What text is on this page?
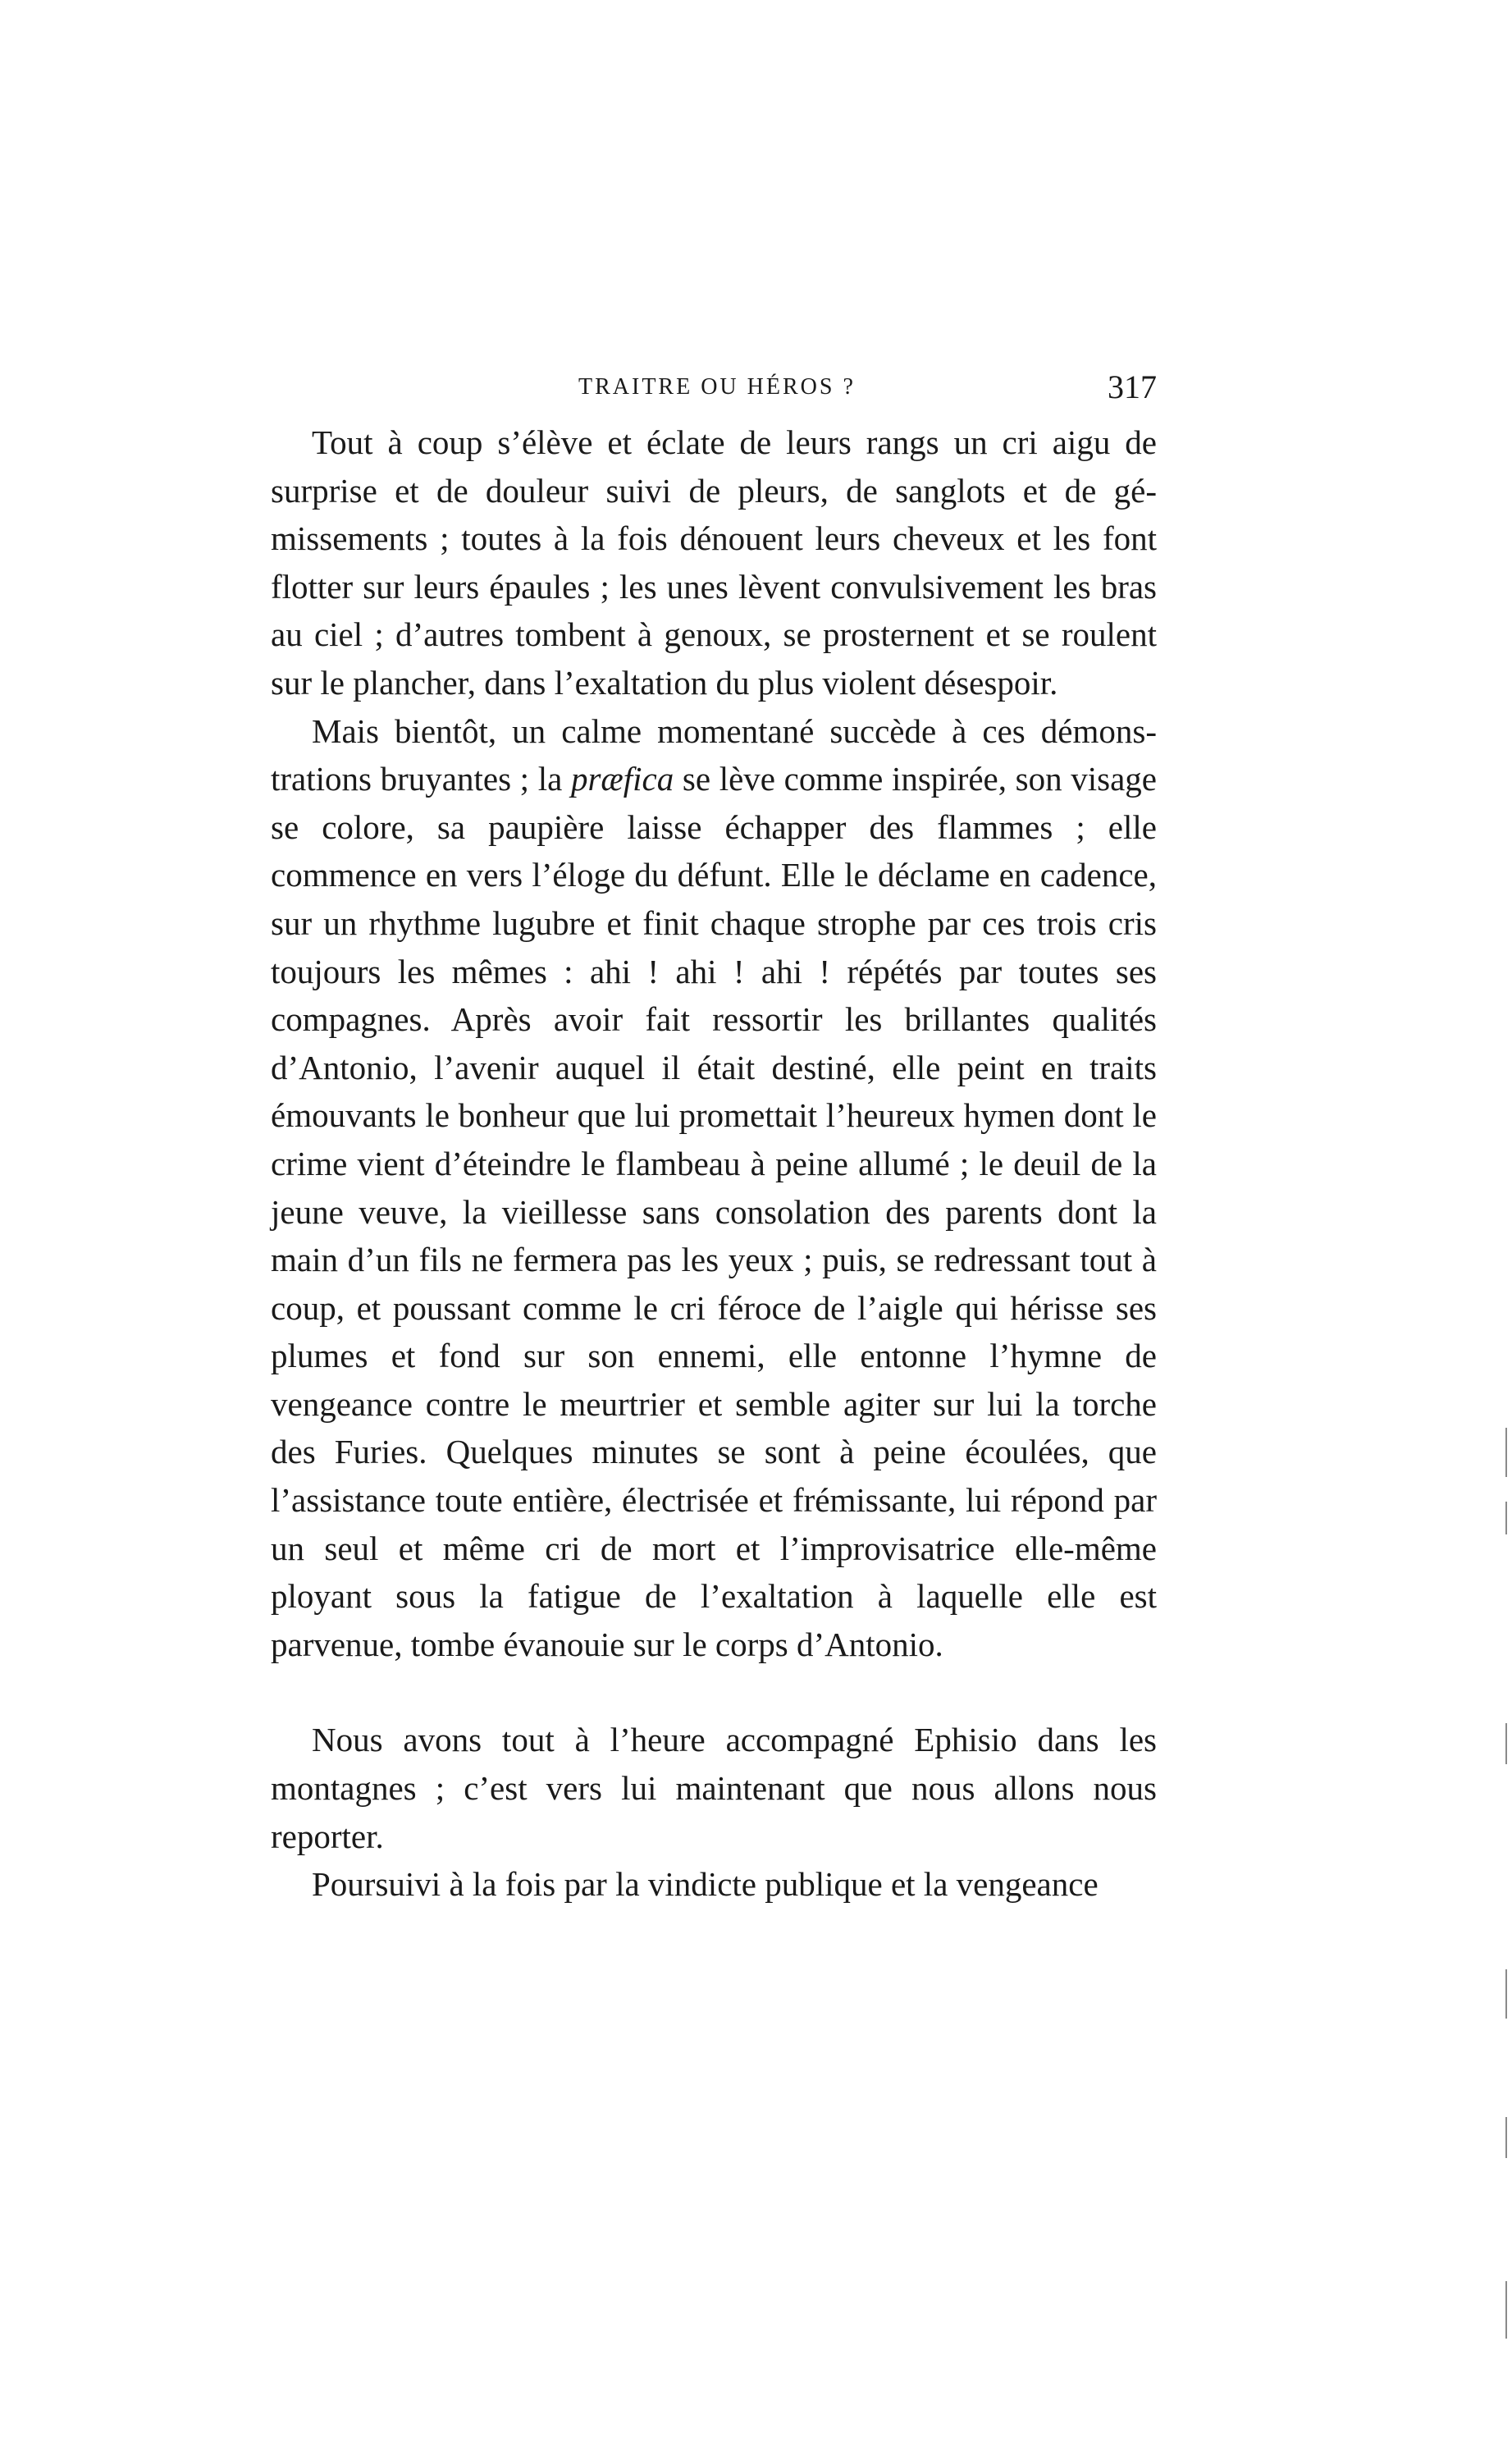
TRAITRE OU HÉROS ?	317

Tout à coup s’élève et éclate de leurs rangs un cri aigu de surprise et de douleur suivi de pleurs, de sanglots et de gémissements ; toutes à la fois dénouent leurs cheveux et les font flotter sur leurs épaules ; les unes lèvent convulsivement les bras au ciel ; d’autres tombent à genoux, se prosternent et se roulent sur le plancher, dans l’exaltation du plus violent désespoir.

Mais bientôt, un calme momentané succède à ces démonstrations bruyantes ; la præfica se lève comme inspirée, son visage se colore, sa paupière laisse échapper des flammes ; elle commence en vers l’éloge du défunt. Elle le déclame en cadence, sur un rhythme lugubre et finit chaque strophe par ces trois cris toujours les mêmes : ahi ! ahi ! ahi ! répétés par toutes ses compagnes. Après avoir fait ressortir les brillantes qualités d’Antonio, l’avenir auquel il était destiné, elle peint en traits émouvants le bonheur que lui promettait l’heureux hymen dont le crime vient d’éteindre le flambeau à peine allumé ; le deuil de la jeune veuve, la vieillesse sans consolation des parents dont la main d’un fils ne fermera pas les yeux ; puis, se redressant tout à coup, et poussant comme le cri féroce de l’aigle qui hérisse ses plumes et fond sur son ennemi, elle entonne l’hymne de vengeance contre le meurtrier et semble agiter sur lui la torche des Furies. Quelques minutes se sont à peine écoulées, que l’assistance toute entière, électrisée et frémissante, lui répond par un seul et même cri de mort et l’improvisatrice elle-même ployant sous la fatigue de l’exaltation à laquelle elle est parvenue, tombe évanouie sur le corps d’Antonio.

Nous avons tout à l’heure accompagné Ephisio dans les montagnes ; c’est vers lui maintenant que nous allons nous reporter.

Poursuivi à la fois par la vindicte publique et la vengeance
